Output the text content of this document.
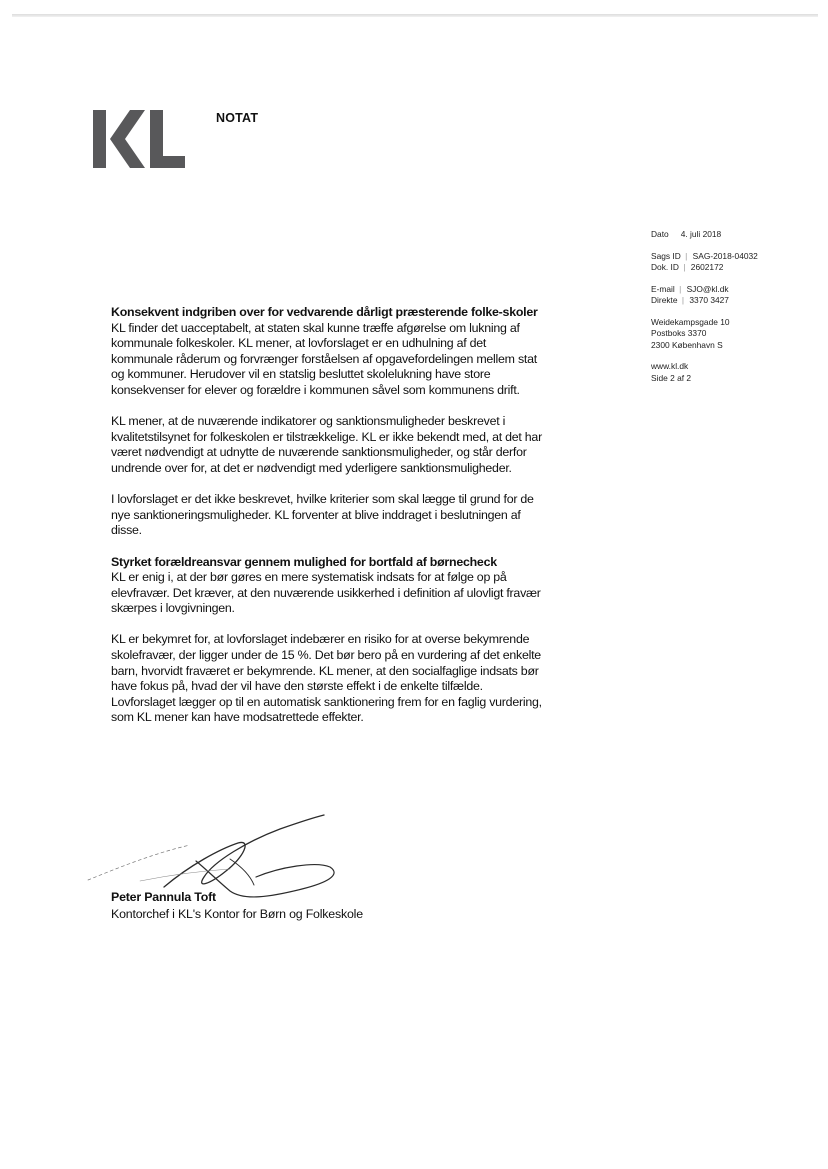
NOTAT
Dato 4. juli 2018
Sags ID | SAG-2018-04032
Dok. ID | 2602172
E-mail | SJO@kl.dk
Direkte | 3370 3427
Weidekampsgade 10
Postboks 3370
2300 København S
www.kl.dk
Side 2 af 2
Konsekvent indgriben over for vedvarende dårligt præsterende folke-skoler

KL finder det uacceptabelt, at staten skal kunne træffe afgørelse om lukning af kommunale folkeskoler. KL mener, at lovforslaget er en udhulning af det kommunale råderum og forvrænger forståelsen af opgavefordelingen mellem stat og kommuner. Herudover vil en statslig besluttet skolelukning have store konsekvenser for elever og forældre i kommunen såvel som kommunens drift.

KL mener, at de nuværende indikatorer og sanktionsmuligheder beskrevet i kvalitetstilsynet for folkeskolen er tilstrækkelige. KL er ikke bekendt med, at det har været nødvendigt at udnytte de nuværende sanktionsmuligheder, og står derfor undrende over for, at det er nødvendigt med yderligere sanktionsmuligheder.

I lovforslaget er det ikke beskrevet, hvilke kriterier som skal lægge til grund for de nye sanktioneringsmuligheder. KL forventer at blive inddraget i beslutningen af disse.

Styrket forældreansvar gennem mulighed for bortfald af børnecheck

KL er enig i, at der bør gøres en mere systematisk indsats for at følge op på elevfravær. Det kræver, at den nuværende usikkerhed i definition af ulovligt fravær skærpes i lovgivningen.

KL er bekymret for, at lovforslaget indebærer en risiko for at overse bekymrende skolefravær, der ligger under de 15 %. Det bør bero på en vurdering af det enkelte barn, hvorvidt fraværet er bekymrende. KL mener, at den socialfaglige indsats bør have fokus på, hvad der vil have den største effekt i de enkelte tilfælde. Lovforslaget lægger op til en automatisk sanktionering frem for en faglig vurdering, som KL mener kan have modsatrettede effekter.

Peter Pannula Toft
Kontorchef i KL's Kontor for Børn og Folkeskole
